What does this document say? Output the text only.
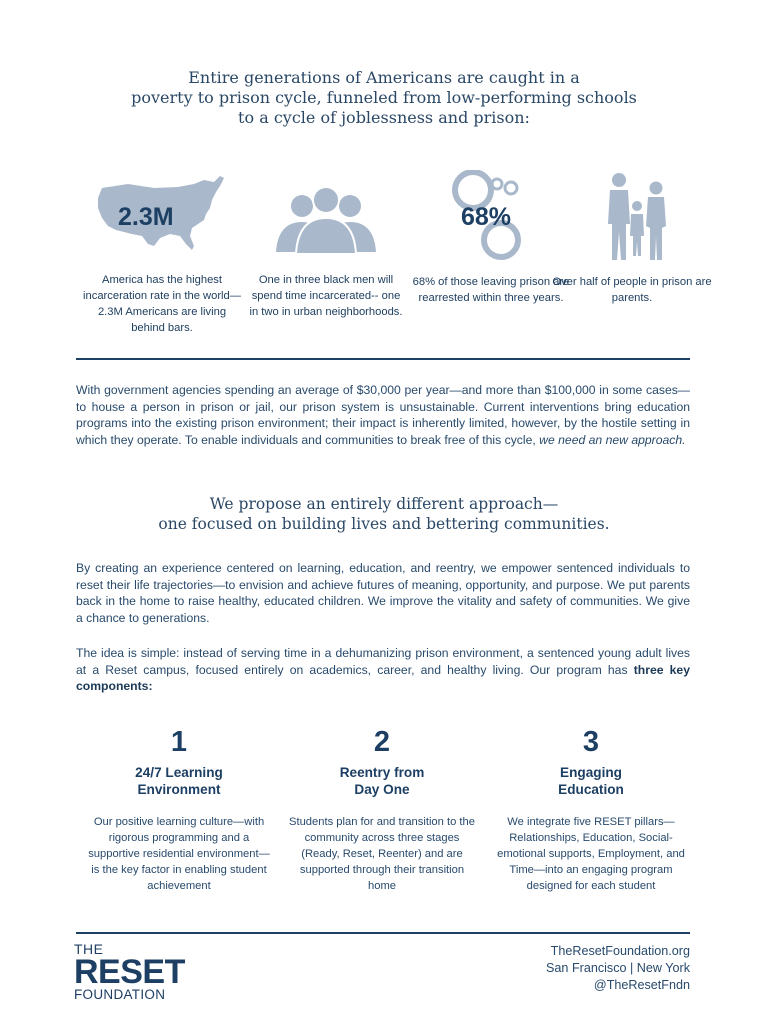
Entire generations of Americans are caught in a
poverty to prison cycle, funneled from low-performing schools
to a cycle of joblessness and prison:
2.3M
America has the highest incarceration rate in the world—2.3M Americans are living behind bars.
One in three black men will spend time incarcerated-- one in two in urban neighborhoods.
68%
68% of those leaving prison are rearrested within three years.
Over half of people in prison are parents.
With government agencies spending an average of $30,000 per year—and more than $100,000 in some cases—to house a person in prison or jail, our prison system is unsustainable. Current interventions bring education programs into the existing prison environment; their impact is inherently limited, however, by the hostile setting in which they operate. To enable individuals and communities to break free of this cycle, we need an new approach.
We propose an entirely different approach—
one focused on building lives and bettering communities.
By creating an experience centered on learning, education, and reentry, we empower sentenced individuals to reset their life trajectories—to envision and achieve futures of meaning, opportunity, and purpose. We put parents back in the home to raise healthy, educated children. We improve the vitality and safety of communities. We give a chance to generations.
The idea is simple: instead of serving time in a dehumanizing prison environment, a sentenced young adult lives at a Reset campus, focused entirely on academics, career, and healthy living. Our program has three key components:
1
24/7 Learning
Environment
Our positive learning culture—with rigorous programming and a supportive residential environment— is the key factor in enabling student achievement
2
Reentry from
Day One
Students plan for and transition to the community across three stages (Ready, Reset, Reenter) and are supported through their transition home
3
Engaging
Education
We integrate five RESET pillars— Relationships, Education, Social-emotional supports, Employment, and Time—into an engaging program designed for each student
THE
RESET
FOUNDATION
TheResetFoundation.org
San Francisco | New York
@TheResetFndn
